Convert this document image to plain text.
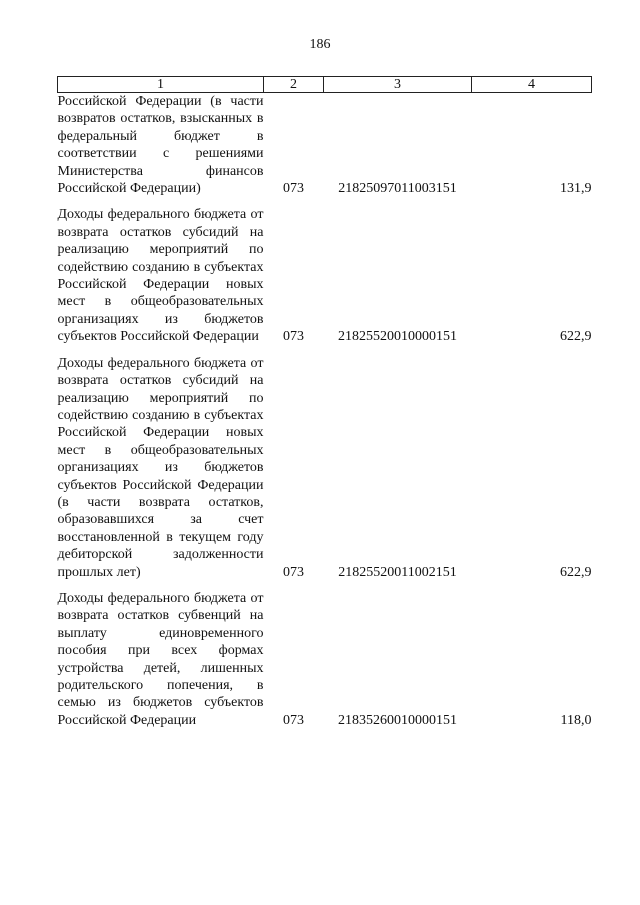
186
1	2	3	4
Российской Федерации (в части возвратов остатков, взысканных в федеральный бюджет в соответствии с решениями Министерства финансов Российской Федерации)	073	21825097011003151	131,9
Доходы федерального бюджета от возврата остатков субсидий на реализацию мероприятий по содействию созданию в субъектах Российской Федерации новых мест в общеобразовательных организациях из бюджетов субъектов Российской Федерации	073	21825520010000151	622,9
Доходы федерального бюджета от возврата остатков субсидий на реализацию мероприятий по содействию созданию в субъектах Российской Федерации новых мест в общеобразовательных организациях из бюджетов субъектов Российской Федерации (в части возврата остатков, образовавшихся за счет восстановленной в текущем году дебиторской задолженности прошлых лет)	073	21825520011002151	622,9
Доходы федерального бюджета от возврата остатков субвенций на выплату единовременного пособия при всех формах устройства детей, лишенных родительского попечения, в семью из бюджетов субъектов Российской Федерации	073	21835260010000151	118,0
